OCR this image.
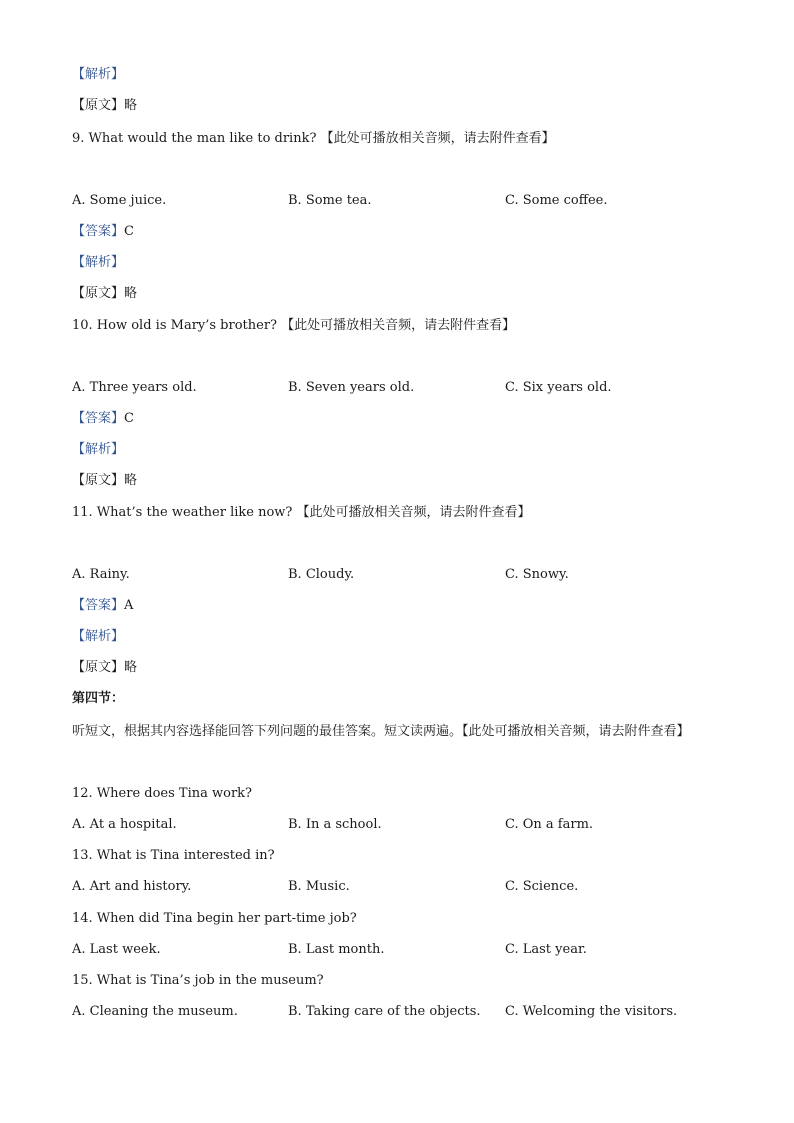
【解析】
【原文】略
9. What would the man like to drink? 【此处可播放相关音频，请去附件查看】
A. Some juice.	B. Some tea.	C. Some coffee.
【答案】C
【解析】
【原文】略
10. How old is Mary’s brother? 【此处可播放相关音频，请去附件查看】
A. Three years old.	B. Seven years old.	C. Six years old.
【答案】C
【解析】
【原文】略
11. What’s the weather like now? 【此处可播放相关音频，请去附件查看】
A. Rainy.	B. Cloudy.	C. Snowy.
【答案】A
【解析】
【原文】略
第四节：
听短文，根据其内容选择能回答下列问题的最佳答案。短文读两遍。【此处可播放相关音频，请去附件查看】
12. Where does Tina work?
A. At a hospital.	B. In a school.	C. On a farm.
13. What is Tina interested in?
A. Art and history.	B. Music.	C. Science.
14. When did Tina begin her part-time job?
A. Last week.	B. Last month.	C. Last year.
15. What is Tina’s job in the museum?
A. Cleaning the museum.	B. Taking care of the objects. C. Welcoming the visitors.
